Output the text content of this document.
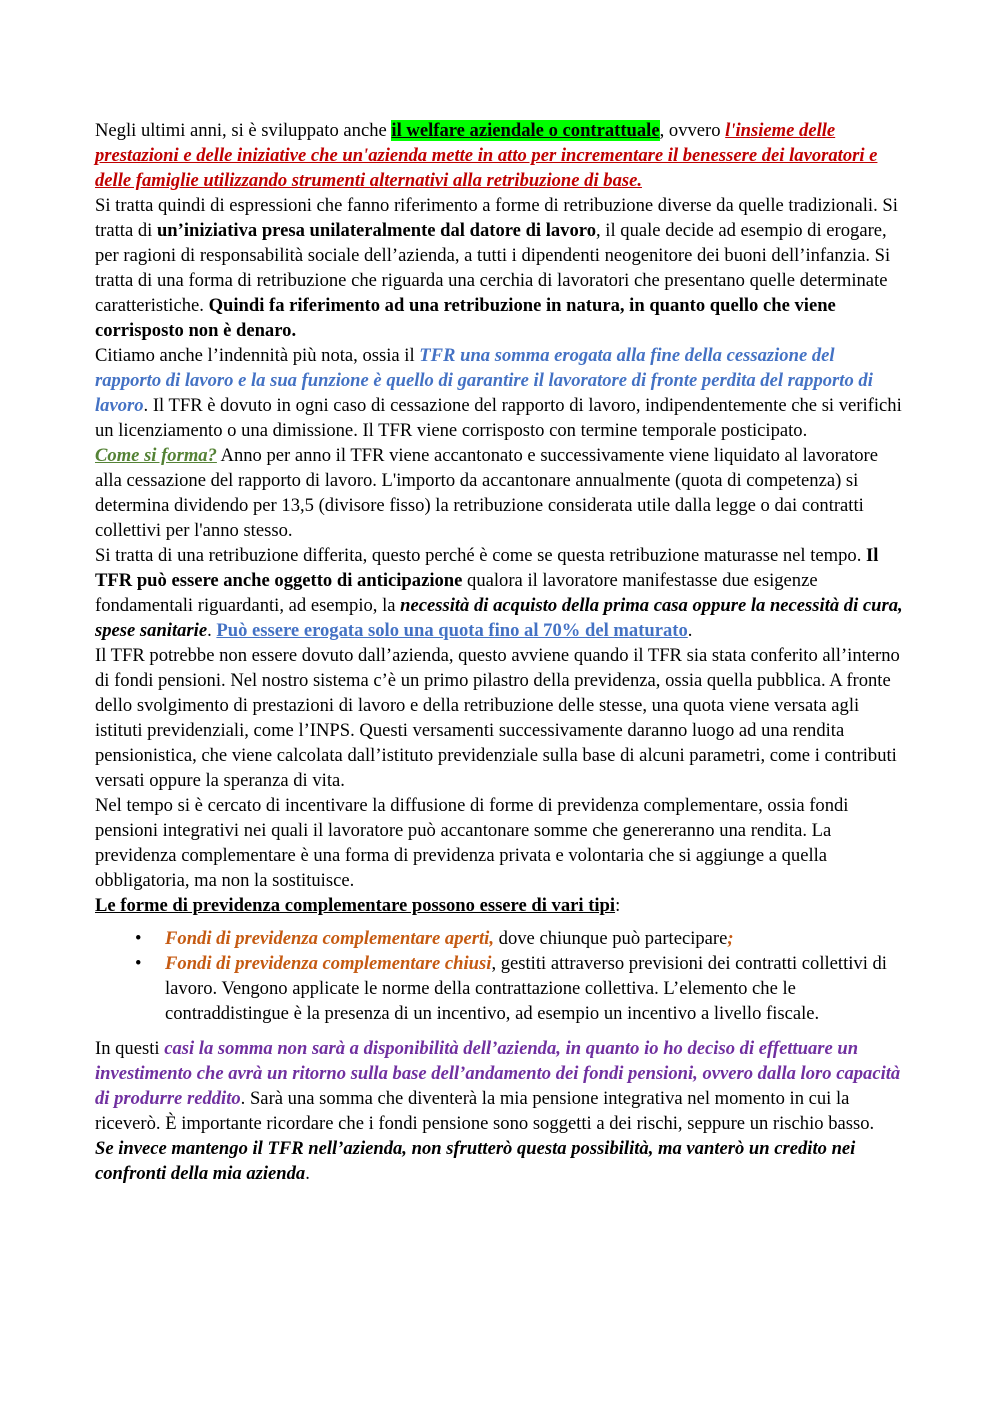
Negli ultimi anni, si è sviluppato anche il welfare aziendale o contrattuale, ovvero l'insieme delle prestazioni e delle iniziative che un'azienda mette in atto per incrementare il benessere dei lavoratori e delle famiglie utilizzando strumenti alternativi alla retribuzione di base.

Si tratta quindi di espressioni che fanno riferimento a forme di retribuzione diverse da quelle tradizionali. Si tratta di un’iniziativa presa unilateralmente dal datore di lavoro, il quale decide ad esempio di erogare, per ragioni di responsabilità sociale dell’azienda, a tutti i dipendenti neogenitore dei buoni dell’infanzia. Si tratta di una forma di retribuzione che riguarda una cerchia di lavoratori che presentano quelle determinate caratteristiche. Quindi fa riferimento ad una retribuzione in natura, in quanto quello che viene corrisposto non è denaro.

Citiamo anche l’indennità più nota, ossia il TFR una somma erogata alla fine della cessazione del rapporto di lavoro e la sua funzione è quello di garantire il lavoratore di fronte perdita del rapporto di lavoro. Il TFR è dovuto in ogni caso di cessazione del rapporto di lavoro, indipendentemente che si verifichi un licenziamento o una dimissione. Il TFR viene corrisposto con termine temporale posticipato.

Come si forma? Anno per anno il TFR viene accantonato e successivamente viene liquidato al lavoratore alla cessazione del rapporto di lavoro. L'importo da accantonare annualmente (quota di competenza) si determina dividendo per 13,5 (divisore fisso) la retribuzione considerata utile dalla legge o dai contratti collettivi per l'anno stesso.

Si tratta di una retribuzione differita, questo perché è come se questa retribuzione maturasse nel tempo. Il TFR può essere anche oggetto di anticipazione qualora il lavoratore manifestasse due esigenze fondamentali riguardanti, ad esempio, la necessità di acquisto della prima casa oppure la necessità di cura, spese sanitarie. Può essere erogata solo una quota fino al 70% del maturato.

Il TFR potrebbe non essere dovuto dall’azienda, questo avviene quando il TFR sia stata conferito all’interno di fondi pensioni. Nel nostro sistema c’è un primo pilastro della previdenza, ossia quella pubblica. A fronte dello svolgimento di prestazioni di lavoro e della retribuzione delle stesse, una quota viene versata agli istituti previdenziali, come l’INPS. Questi versamenti successivamente daranno luogo ad una rendita pensionistica, che viene calcolata dall’istituto previdenziale sulla base di alcuni parametri, come i contributi versati oppure la speranza di vita.

Nel tempo si è cercato di incentivare la diffusione di forme di previdenza complementare, ossia fondi pensioni integrativi nei quali il lavoratore può accantonare somme che genereranno una rendita. La previdenza complementare è una forma di previdenza privata e volontaria che si aggiunge a quella obbligatoria, ma non la sostituisce.

Le forme di previdenza complementare possono essere di vari tipi:

• Fondi di previdenza complementare aperti, dove chiunque può partecipare;
• Fondi di previdenza complementare chiusi, gestiti attraverso previsioni dei contratti collettivi di lavoro. Vengono applicate le norme della contrattazione collettiva. L’elemento che le contraddistingue è la presenza di un incentivo, ad esempio un incentivo a livello fiscale.

In questi casi la somma non sarà a disponibilità dell’azienda, in quanto io ho deciso di effettuare un investimento che avrà un ritorno sulla base dell’andamento dei fondi pensioni, ovvero dalla loro capacità di produrre reddito. Sarà una somma che diventerà la mia pensione integrativa nel momento in cui la riceverò. È importante ricordare che i fondi pensione sono soggetti a dei rischi, seppure un rischio basso.

Se invece mantengo il TFR nell’azienda, non sfrutterò questa possibilità, ma vanterò un credito nei confronti della mia azienda.
